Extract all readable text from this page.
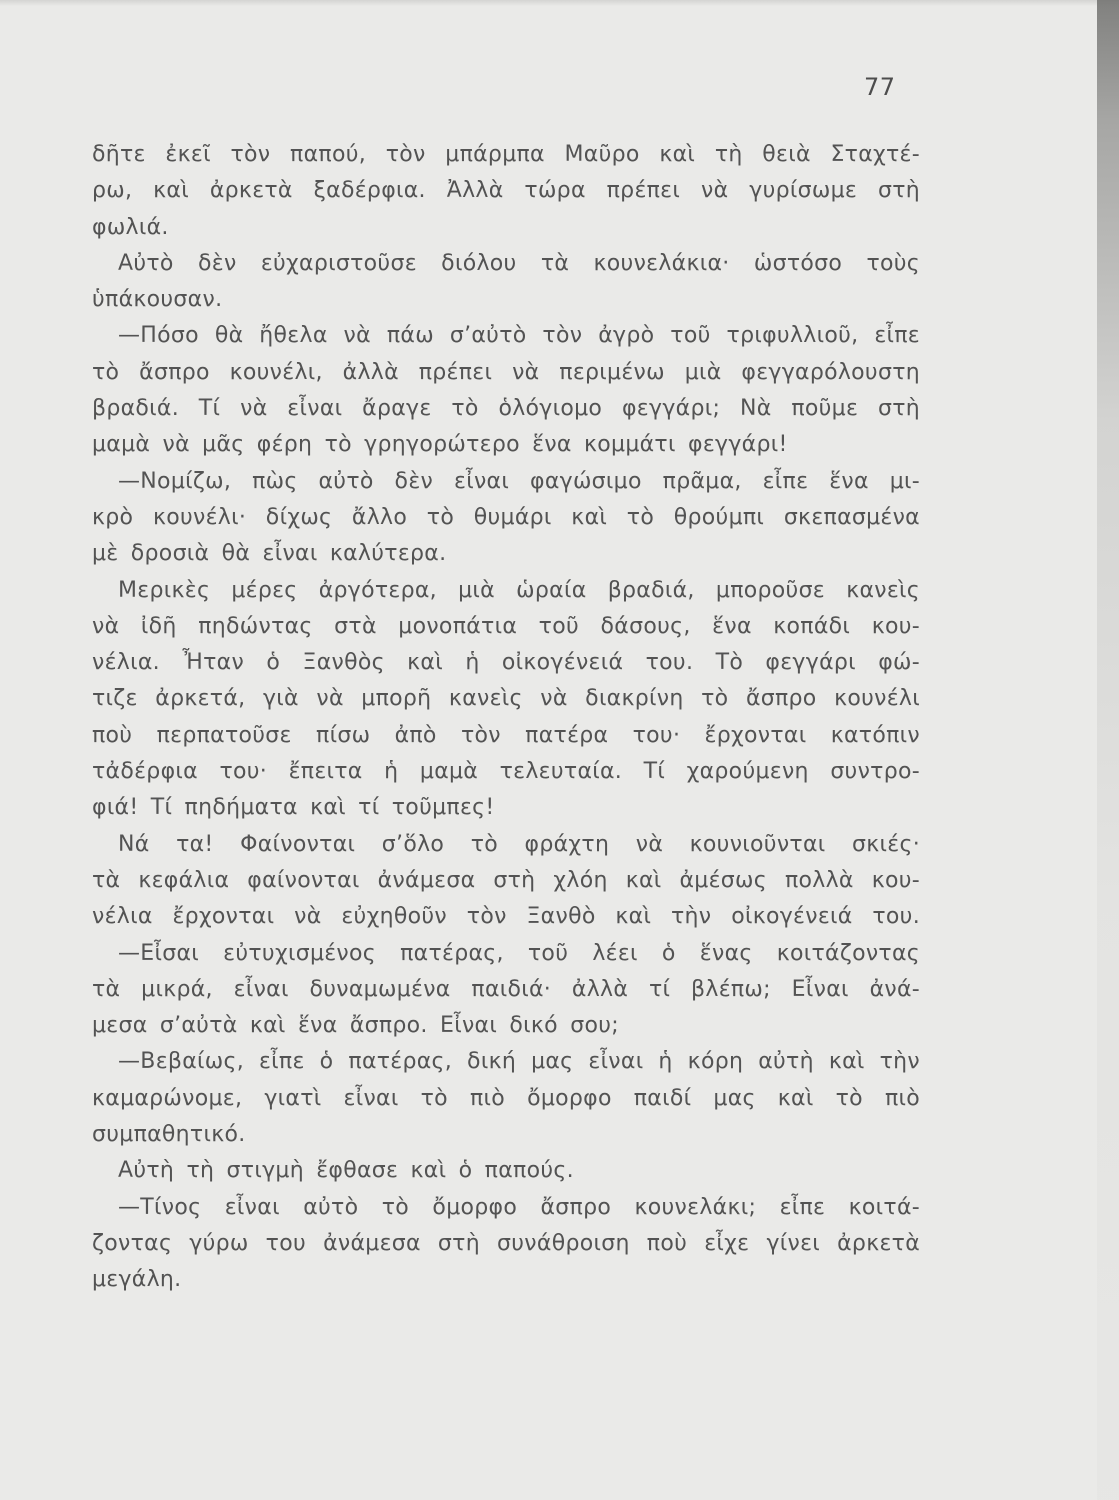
77
δῆτε ἐκεῖ τὸν παπού, τὸν μπάρμπα Μαῦρο καὶ τὴ θειὰ Σταχτέ-
ρω, καὶ ἀρκετὰ ξαδέρφια. Ἀλλὰ τώρα πρέπει νὰ γυρίσωμε στὴ
φωλιά.
Αὐτὸ δὲν εὐχαριστοῦσε διόλου τὰ κουνελάκια· ὡστόσο τοὺς
ὑπάκουσαν.
—Πόσο θὰ ἤθελα νὰ πάω σ’αὐτὸ τὸν ἀγρὸ τοῦ τριφυλλιοῦ, εἶπε
τὸ ἄσπρο κουνέλι, ἀλλὰ πρέπει νὰ περιμένω μιὰ φεγγαρόλουστη
βραδιά. Τί νὰ εἶναι ἄραγε τὸ ὁλόγιομο φεγγάρι; Νὰ ποῦμε στὴ
μαμὰ νὰ μᾶς φέρη τὸ γρηγορώτερο ἕνα κομμάτι φεγγάρι!
—Νομίζω, πὼς αὐτὸ δὲν εἶναι φαγώσιμο πρᾶμα, εἶπε ἕνα μι-
κρὸ κουνέλι· δίχως ἄλλο τὸ θυμάρι καὶ τὸ θρούμπι σκεπασμένα
μὲ δροσιὰ θὰ εἶναι καλύτερα.
Μερικὲς μέρες ἀργότερα, μιὰ ὡραία βραδιά, μποροῦσε κανεὶς
νὰ ἰδῆ πηδώντας στὰ μονοπάτια τοῦ δάσους, ἕνα κοπάδι κου-
νέλια. Ἦταν ὁ Ξανθὸς καὶ ἡ οἰκογένειά του. Τὸ φεγγάρι φώ-
τιζε ἀρκετά, γιὰ νὰ μπορῆ κανεὶς νὰ διακρίνη τὸ ἄσπρο κουνέλι
ποὺ περπατοῦσε πίσω ἀπὸ τὸν πατέρα του· ἔρχονται κατόπιν
τἀδέρφια του· ἔπειτα ἡ μαμὰ τελευταία. Τί χαρούμενη συντρο-
φιά! Τί πηδήματα καὶ τί τοῦμπες!
Νά τα! Φαίνονται σ’ὅλο τὸ φράχτη νὰ κουνιοῦνται σκιές·
τὰ κεφάλια φαίνονται ἀνάμεσα στὴ χλόη καὶ ἀμέσως πολλὰ κου-
νέλια ἔρχονται νὰ εὐχηθοῦν τὸν Ξανθὸ καὶ τὴν οἰκογένειά του.
—Εἶσαι εὐτυχισμένος πατέρας, τοῦ λέει ὁ ἕνας κοιτάζοντας
τὰ μικρά, εἶναι δυναμωμένα παιδιά· ἀλλὰ τί βλέπω; Εἶναι ἀνά-
μεσα σ’αὐτὰ καὶ ἕνα ἄσπρο. Εἶναι δικό σου;
—Βεβαίως, εἶπε ὁ πατέρας, δική μας εἶναι ἡ κόρη αὐτὴ καὶ τὴν
καμαρώνομε, γιατὶ εἶναι τὸ πιὸ ὄμορφο παιδί μας καὶ τὸ πιὸ
συμπαθητικό.
Αὐτὴ τὴ στιγμὴ ἔφθασε καὶ ὁ παπούς.
—Τίνος εἶναι αὐτὸ τὸ ὄμορφο ἄσπρο κουνελάκι; εἶπε κοιτά-
ζοντας γύρω του ἀνάμεσα στὴ συνάθροιση ποὺ εἶχε γίνει ἀρκετὰ
μεγάλη.
